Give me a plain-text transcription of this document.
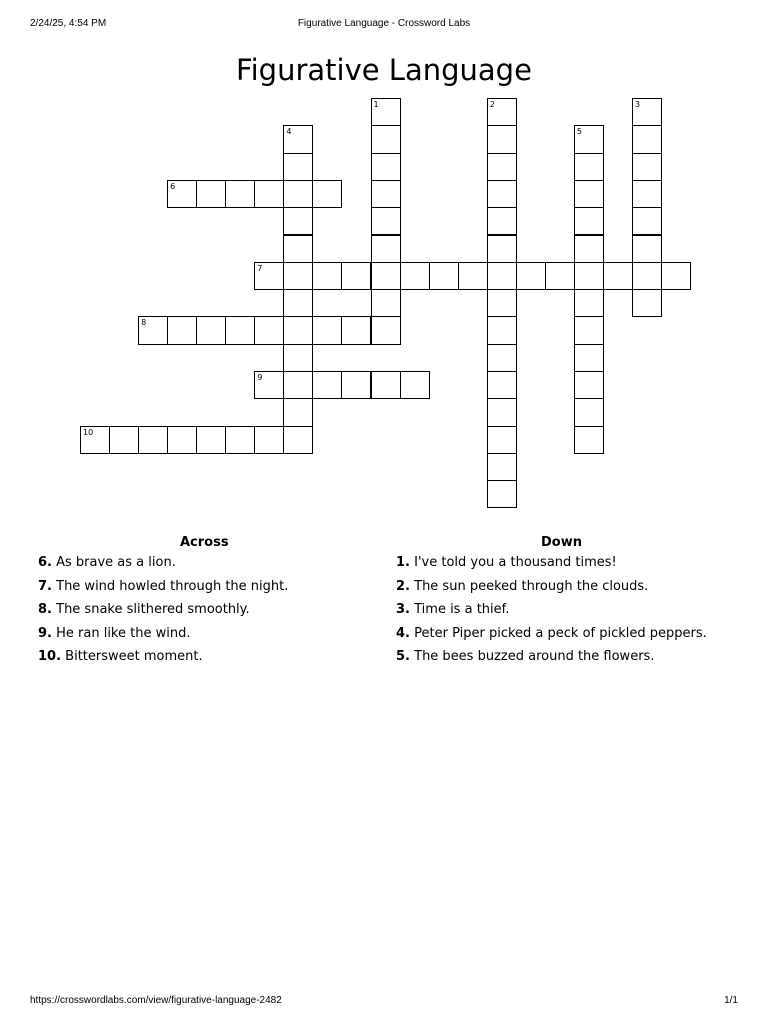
2/24/25, 4:54 PM	Figurative Language - Crossword Labs
Figurative Language
1	2	3
4	5
6
7
8
9
10
Across
6. As brave as a lion.
7. The wind howled through the night.
8. The snake slithered smoothly.
9. He ran like the wind.
10. Bittersweet moment.
Down
1. I've told you a thousand times!
2. The sun peeked through the clouds.
3. Time is a thief.
4. Peter Piper picked a peck of pickled peppers.
5. The bees buzzed around the flowers.
https://crosswordlabs.com/view/figurative-language-2482	1/1
